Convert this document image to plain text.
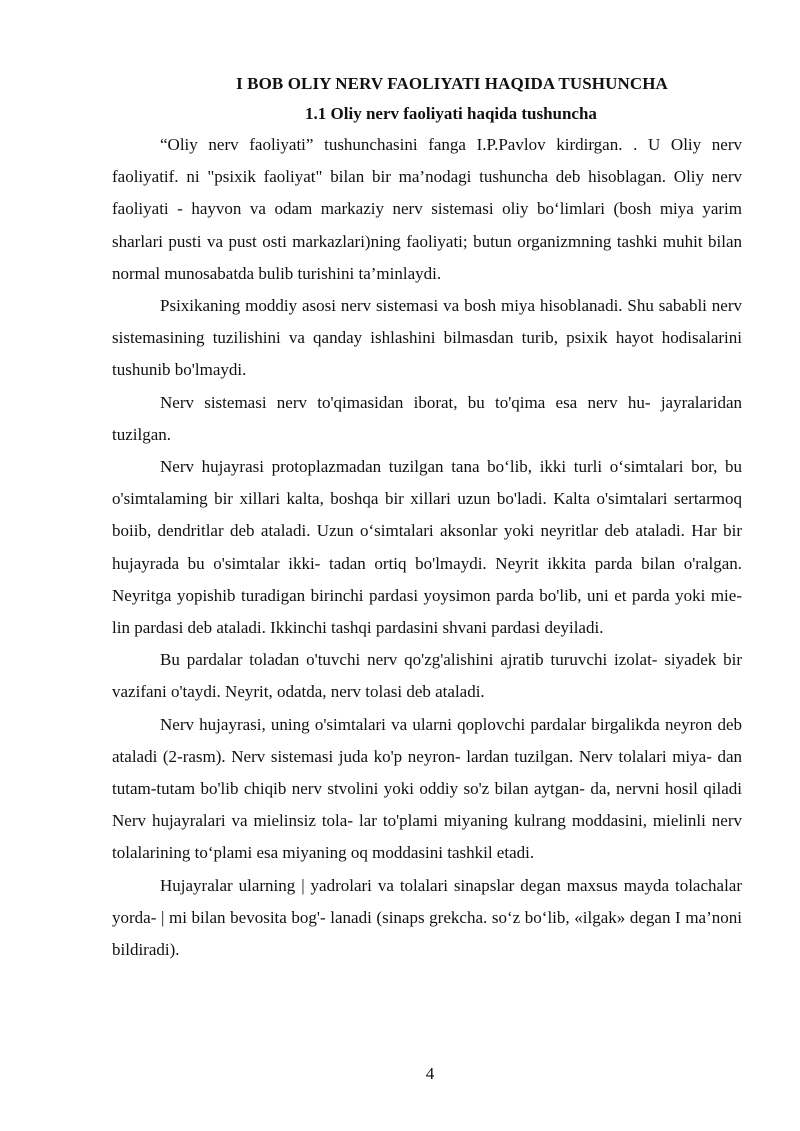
I BOB OLIY NERV FAOLIYATI HAQIDA TUSHUNCHA
1.1 Oliy nerv faoliyati haqida tushuncha

“Oliy nerv faoliyati” tushunchasini fanga I.P.Pavlov kirdirgan. . U Oliy nerv faoliyatif. ni "psixik faoliyat" bilan bir ma’nodagi tushuncha deb hisoblagan. Oliy nerv faoliyati - hayvon va odam markaziy nerv sistemasi oliy bo‘limlari (bosh miya yarim sharlari pusti va pust osti markazlari)ning faoliyati; butun organizmning tashki muhit bilan normal munosabatda bulib turishini ta’minlaydi.

Psixikaning moddiy asosi nerv sistemasi va bosh miya hisoblanadi. Shu sababli nerv sistemasining tuzilishini va qanday ishlashini bilmasdan turib, psixik hayot hodisalarini tushunib bo'lmaydi.

Nerv sistemasi nerv to'qimasidan iborat, bu to'qima esa nerv hu- jayralaridan tuzilgan.

Nerv hujayrasi protoplazmadan tuzilgan tana bo‘lib, ikki turli o‘simtalari bor, bu o'simtalaming bir xillari kalta, boshqa bir xillari uzun bo'ladi. Kalta o'simtalari sertarmoq boiib, dendritlar deb ataladi. Uzun o‘simtalari aksonlar yoki neyritlar deb ataladi. Har bir hujayrada bu o'simtalar ikki- tadan ortiq bo'lmaydi. Neyrit ikkita parda bilan o'ralgan. Neyritga yopishib turadigan birinchi pardasi yoysimon parda bo'lib, uni et parda yoki mie- lin pardasi deb ataladi. Ikkinchi tashqi pardasini shvani pardasi deyiladi.

Bu pardalar toladan o'tuvchi nerv qo'zg'alishini ajratib turuvchi izolat- siyadek bir vazifani o'taydi. Neyrit, odatda, nerv tolasi deb ataladi.

Nerv hujayrasi, uning o'simtalari va ularni qoplovchi pardalar birgalikda neyron deb ataladi (2-rasm). Nerv sistemasi juda ko'p neyron- lardan tuzilgan. Nerv tolalari miya- dan tutam-tutam bo'lib chiqib nerv stvolini yoki oddiy so'z bilan aytgan- da, nervni hosil qiladi Nerv hujayralari va mielinsiz tola- lar to'plami miyaning kulrang moddasini, mielinli nerv tolalarining to‘plami esa miyaning oq moddasini tashkil etadi.

Hujayralar ularning | yadrolari va tolalari sinapslar degan maxsus mayda tolachalar yorda- | mi bilan bevosita bog'- lanadi (sinaps grekcha. so‘z bo‘lib, «ilgak» degan I ma’noni bildiradi).

4
